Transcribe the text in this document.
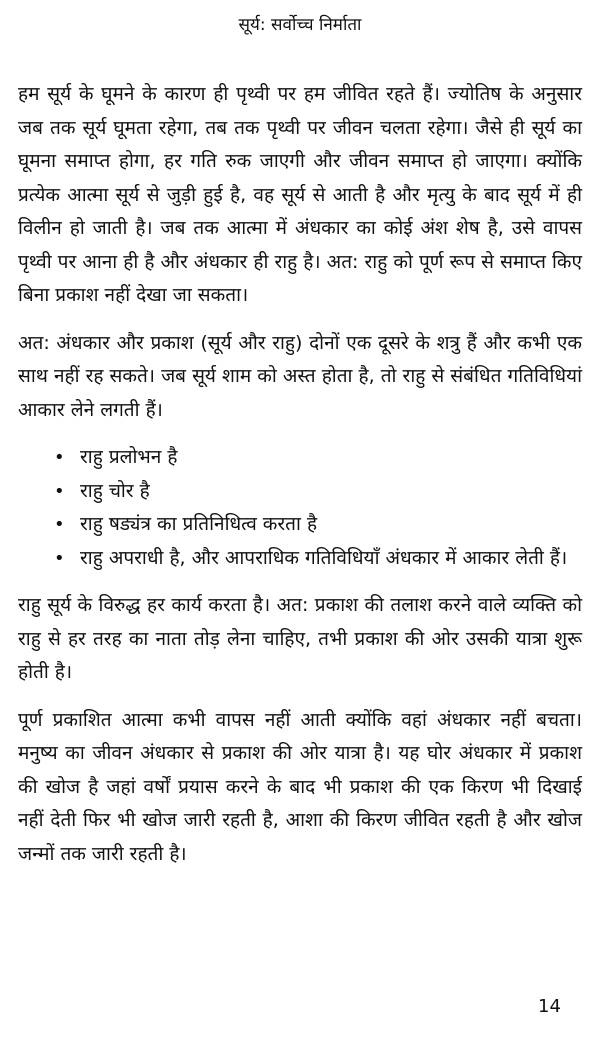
सूर्य: सर्वोच्च निर्माता

हम सूर्य के घूमने के कारण ही पृथ्वी पर हम जीवित रहते हैं। ज्योतिष के अनुसार जब तक सूर्य घूमता रहेगा, तब तक पृथ्वी पर जीवन चलता रहेगा। जैसे ही सूर्य का घूमना समाप्त होगा, हर गति रुक जाएगी और जीवन समाप्त हो जाएगा। क्योंकि प्रत्येक आत्मा सूर्य से जुड़ी हुई है, वह सूर्य से आती है और मृत्यु के बाद सूर्य में ही विलीन हो जाती है। जब तक आत्मा में अंधकार का कोई अंश शेष है, उसे वापस पृथ्वी पर आना ही है और अंधकार ही राहु है। अत: राहु को पूर्ण रूप से समाप्त किए बिना प्रकाश नहीं देखा जा सकता।

अत: अंधकार और प्रकाश (सूर्य और राहु) दोनों एक दूसरे के शत्रु हैं और कभी एक साथ नहीं रह सकते। जब सूर्य शाम को अस्त होता है, तो राहु से संबंधित गतिविधियां आकार लेने लगती हैं।

• राहु प्रलोभन है
• राहु चोर है
• राहु षड्यंत्र का प्रतिनिधित्व करता है
• राहु अपराधी है, और आपराधिक गतिविधियाँ अंधकार में आकार लेती हैं।

राहु सूर्य के विरुद्ध हर कार्य करता है। अत: प्रकाश की तलाश करने वाले व्यक्ति को राहु से हर तरह का नाता तोड़ लेना चाहिए, तभी प्रकाश की ओर उसकी यात्रा शुरू होती है।

पूर्ण प्रकाशित आत्मा कभी वापस नहीं आती क्योंकि वहां अंधकार नहीं बचता। मनुष्य का जीवन अंधकार से प्रकाश की ओर यात्रा है। यह घोर अंधकार में प्रकाश की खोज है जहां वर्षों प्रयास करने के बाद भी प्रकाश की एक किरण भी दिखाई नहीं देती फिर भी खोज जारी रहती है, आशा की किरण जीवित रहती है और खोज जन्मों तक जारी रहती है।

14
